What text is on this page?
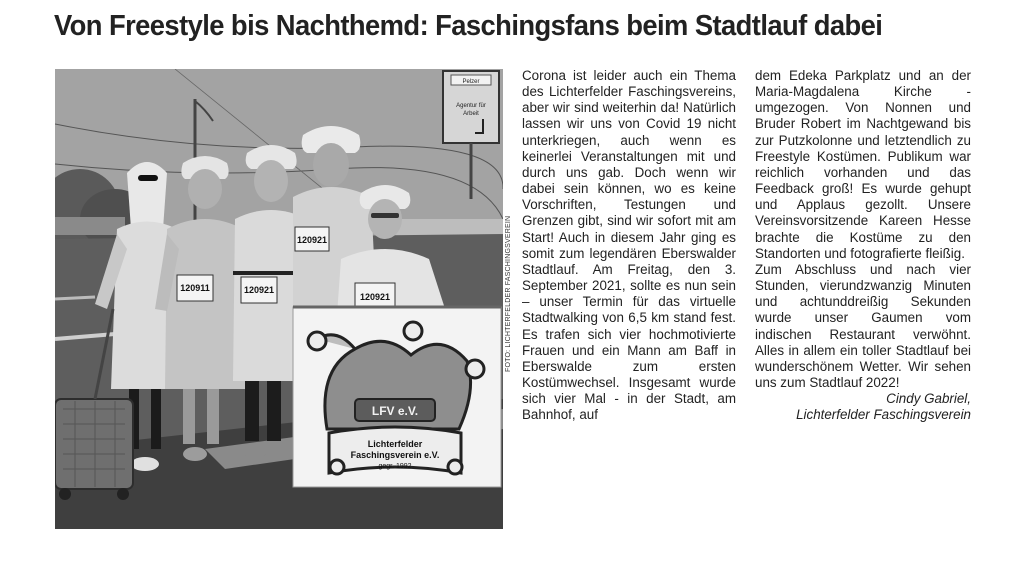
Von Freestyle bis Nachthemd: Faschingsfans beim Stadtlauf dabei
Pelzer
Agentur für
Arbeit
120911	120921
120921
120921
LFV e.V.
Lichterfelder
Faschingsverein e.V.
gegr. 1992
FOTO: LICHTERFELDER FASCHINGSVEREIN

Corona ist leider auch ein Thema des Lichterfelder Faschingsvereins, aber wir sind weiterhin da! Natürlich lassen wir uns von Covid 19 nicht unterkriegen, auch wenn es keinerlei Veranstaltungen mit und durch uns gab. Doch wenn wir dabei sein können, wo es keine Vorschriften, Testungen und Grenzen gibt, sind wir sofort mit am Start! Auch in diesem Jahr ging es somit zum legendären Eberswalder Stadtlauf. Am Freitag, den 3. September 2021, sollte es nun sein – unser Termin für das virtuelle Stadtwalking von 6,5 km stand fest. Es trafen sich vier hochmotivierte Frauen und ein Mann am Baff in Eberswalde zum ersten Kostümwechsel. Insgesamt wurde sich vier Mal - in der Stadt, am Bahnhof, auf

dem Edeka Parkplatz und an der Maria-Magdalena Kirche - umgezogen. Von Nonnen und Bruder Robert im Nachtgewand bis zur Putzkolonne und letztendlich zu Freestyle Kostümen. Publikum war reichlich vorhanden und das Feedback groß! Es wurde gehupt und Applaus gezollt. Unsere Vereinsvorsitzende Kareen Hesse brachte die Kostüme zu den Standorten und fotografierte fleißig.

Zum Abschluss und nach vier Stunden, vierundzwanzig Minuten und achtunddreißig Sekunden wurde unser Gaumen vom indischen Restaurant verwöhnt. Alles in allem ein toller Stadtlauf bei wunderschönem Wetter. Wir sehen uns zum Stadtlauf 2022!

Cindy Gabriel,

Lichterfelder Faschingsverein
